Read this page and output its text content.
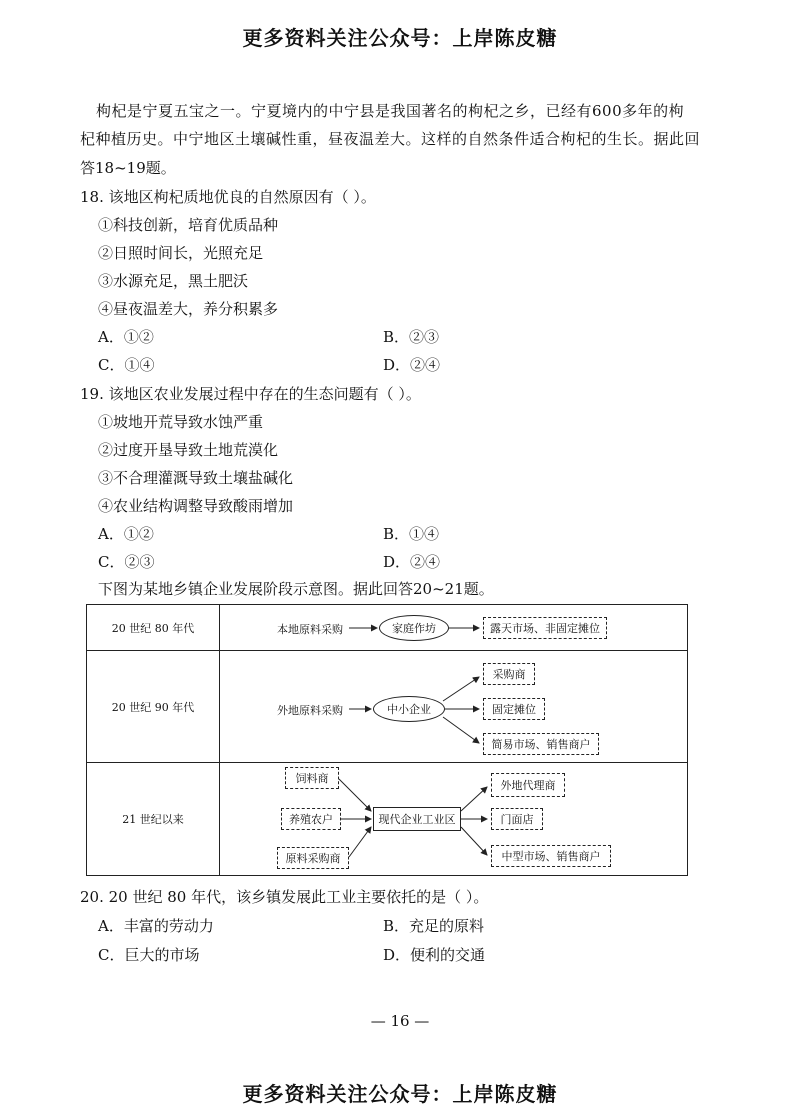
更多资料关注公众号：上岸陈皮糖
枸杞是宁夏五宝之一。宁夏境内的中宁县是我国著名的枸杞之乡，已经有600多年的枸
杞种植历史。中宁地区土壤碱性重，昼夜温差大。这样的自然条件适合枸杞的生长。据此回
答18~19题。
18. 该地区枸杞质地优良的自然原因有（ ）。
①科技创新，培育优质品种
②日照时间长，光照充足
③水源充足，黑土肥沃
④昼夜温差大，养分积累多
A．①②	B．②③
C．①④	D．②④
19. 该地区农业发展过程中存在的生态问题有（ ）。
①坡地开荒导致水蚀严重
②过度开垦导致土地荒漠化
③不合理灌溉导致土壤盐碱化
④农业结构调整导致酸雨增加
A．①②	B．①④
C．②③	D．②④
下图为某地乡镇企业发展阶段示意图。据此回答20~21题。
20 世纪 80 年代
20 世纪 90 年代
21 世纪以来
本地原料采购	家庭作坊	露天市场、非固定摊位
外地原料采购	中小企业
采购商
固定摊位
简易市场、销售商户
饲料商
养殖农户
原料采购商
现代企业工业区
外地代理商
门面店
中型市场、销售商户
20. 20 世纪 80 年代，该乡镇发展此工业主要依托的是（ ）。
A．丰富的劳动力	B．充足的原料
C．巨大的市场	D．便利的交通
— 16 —
更多资料关注公众号：上岸陈皮糖
